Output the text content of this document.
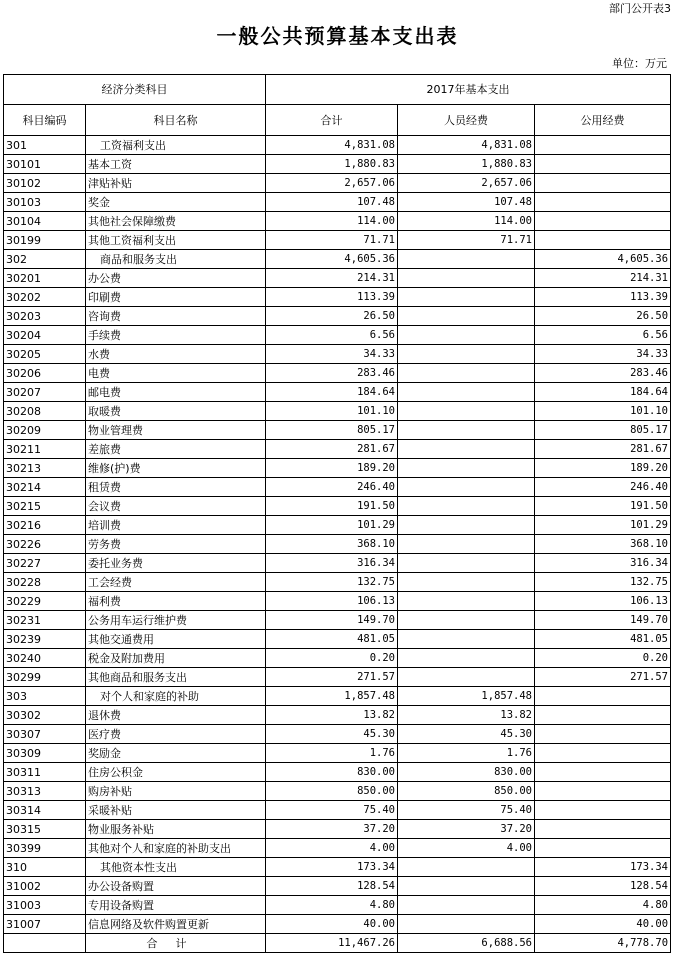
部门公开表3
一般公共预算基本支出表
单位：万元
经济分类科目		2017年基本支出		
科目编码	科目名称	合计	人员经费	公用经费
301	工资福利支出	4,831.08	4,831.08	
30101	基本工资	1,880.83	1,880.83	
30102	津贴补贴	2,657.06	2,657.06	
30103	奖金	107.48	107.48	
30104	其他社会保障缴费	114.00	114.00	
30199	其他工资福利支出	71.71	71.71	
302	商品和服务支出	4,605.36		4,605.36
30201	办公费	214.31		214.31
30202	印刷费	113.39		113.39
30203	咨询费	26.50		26.50
30204	手续费	6.56		6.56
30205	水费	34.33		34.33
30206	电费	283.46		283.46
30207	邮电费	184.64		184.64
30208	取暖费	101.10		101.10
30209	物业管理费	805.17		805.17
30211	差旅费	281.67		281.67
30213	维修(护)费	189.20		189.20
30214	租赁费	246.40		246.40
30215	会议费	191.50		191.50
30216	培训费	101.29		101.29
30226	劳务费	368.10		368.10
30227	委托业务费	316.34		316.34
30228	工会经费	132.75		132.75
30229	福利费	106.13		106.13
30231	公务用车运行维护费	149.70		149.70
30239	其他交通费用	481.05		481.05
30240	税金及附加费用	0.20		0.20
30299	其他商品和服务支出	271.57		271.57
303	对个人和家庭的补助	1,857.48	1,857.48	
30302	退休费	13.82	13.82	
30307	医疗费	45.30	45.30	
30309	奖励金	1.76	1.76	
30311	住房公积金	830.00	830.00	
30313	购房补贴	850.00	850.00	
30314	采暖补贴	75.40	75.40	
30315	物业服务补贴	37.20	37.20	
30399	其他对个人和家庭的补助支出	4.00	4.00	
310	其他资本性支出	173.34		173.34
31002	办公设备购置	128.54		128.54
31003	专用设备购置	4.80		4.80
31007	信息网络及软件购置更新	40.00		40.00
	合计	11,467.26	6,688.56	4,778.70
